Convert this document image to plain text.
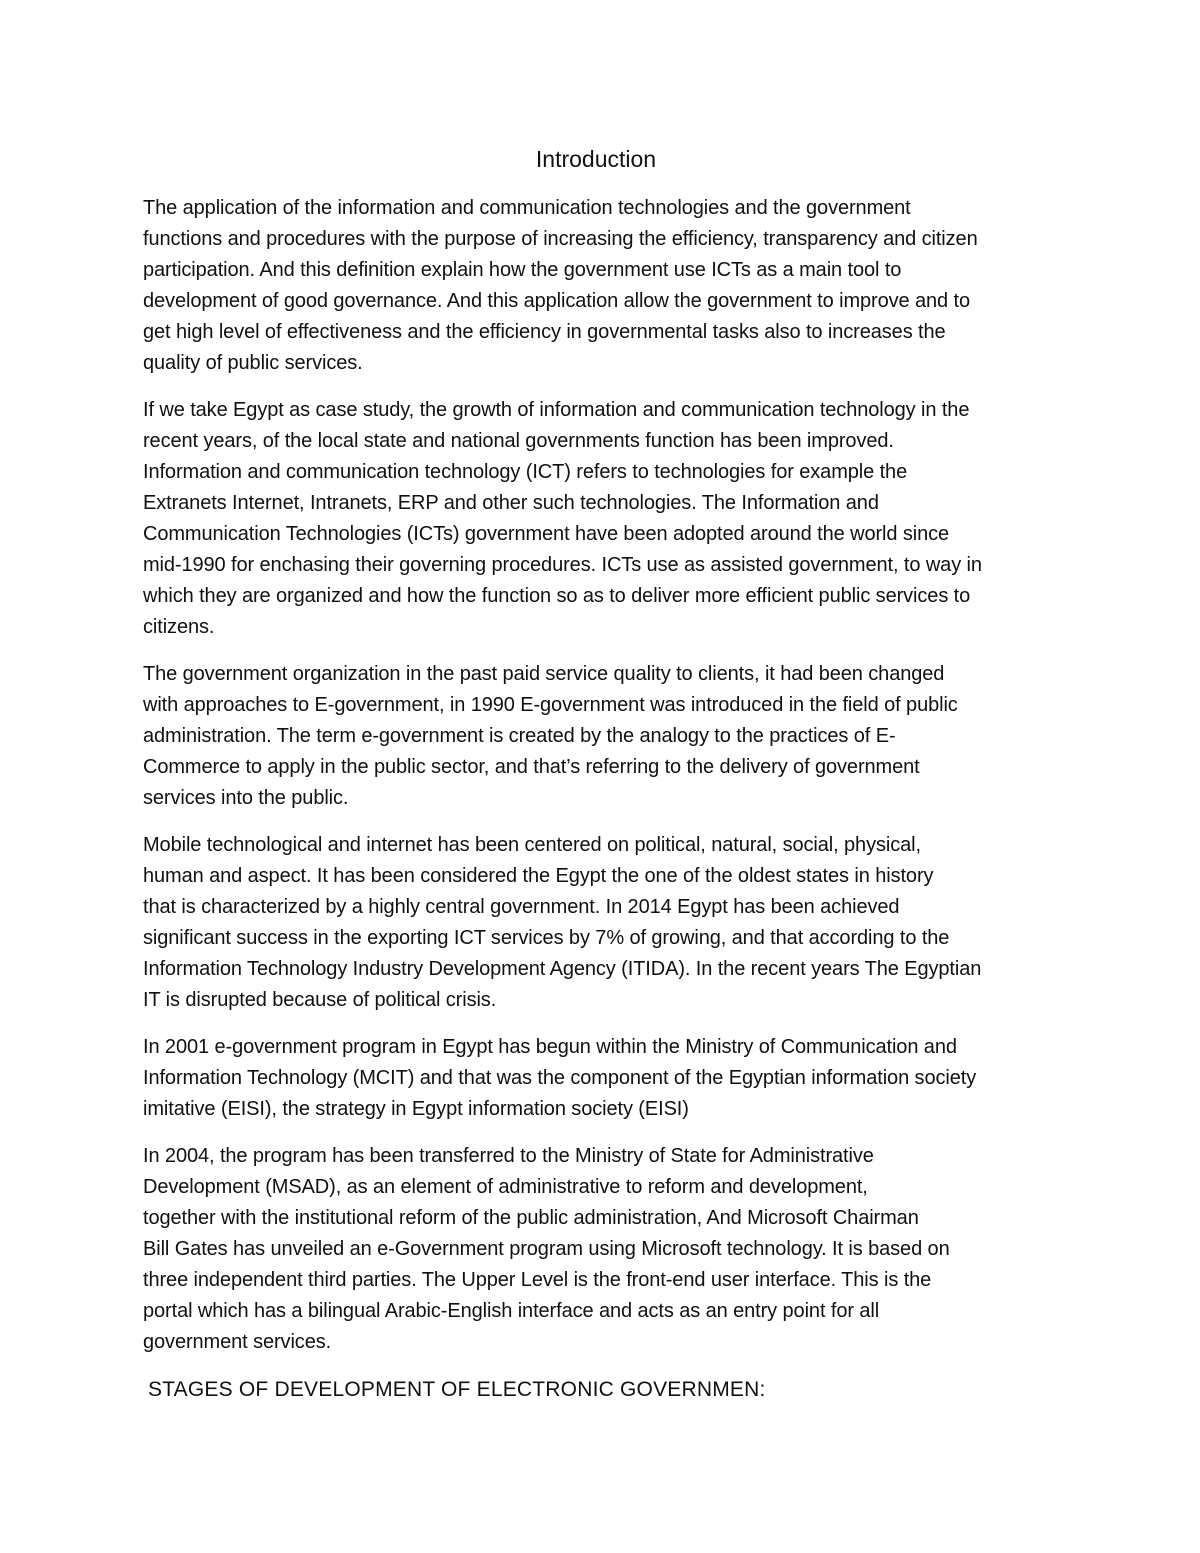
Introduction

The application of the information and communication technologies and the government
functions and procedures with the purpose of increasing the efficiency, transparency and citizen
participation. And this definition explain how the government use ICTs as a main tool to
development of good governance. And this application allow the government to improve and to
get high level of effectiveness and the efficiency in governmental tasks also to increases the
quality of public services.

If we take Egypt as case study, the growth of information and communication technology in the
recent years, of the local state and national governments function has been improved.
Information and communication technology (ICT) refers to technologies for example the
Extranets Internet, Intranets, ERP and other such technologies. The Information and
Communication Technologies (ICTs) government have been adopted around the world since
mid-1990 for enchasing their governing procedures. ICTs use as assisted government, to way in
which they are organized and how the function so as to deliver more efficient public services to
citizens.

The government organization in the past paid service quality to clients, it had been changed
with approaches to E-government, in 1990 E-government was introduced in the field of public
administration. The term e-government is created by the analogy to the practices of E-
Commerce to apply in the public sector, and that’s referring to the delivery of government
services into the public.

Mobile technological and internet has been centered on political, natural, social, physical,
human and aspect. It has been considered the Egypt the one of the oldest states in history
that is characterized by a highly central government. In 2014 Egypt has been achieved
significant success in the exporting ICT services by 7% of growing, and that according to the
Information Technology Industry Development Agency (ITIDA). In the recent years The Egyptian
IT is disrupted because of political crisis.

In 2001 e-government program in Egypt has begun within the Ministry of Communication and
Information Technology (MCIT) and that was the component of the Egyptian information society
imitative (EISI), the strategy in Egypt information society (EISI)

In 2004, the program has been transferred to the Ministry of State for Administrative
Development (MSAD), as an element of administrative to reform and development,
together with the institutional reform of the public administration, And Microsoft Chairman
Bill Gates has unveiled an e-Government program using Microsoft technology. It is based on
three independent third parties. The Upper Level is the front-end user interface. This is the
portal which has a bilingual Arabic-English interface and acts as an entry point for all
government services.

STAGES OF DEVELOPMENT OF ELECTRONIC GOVERNMEN:
